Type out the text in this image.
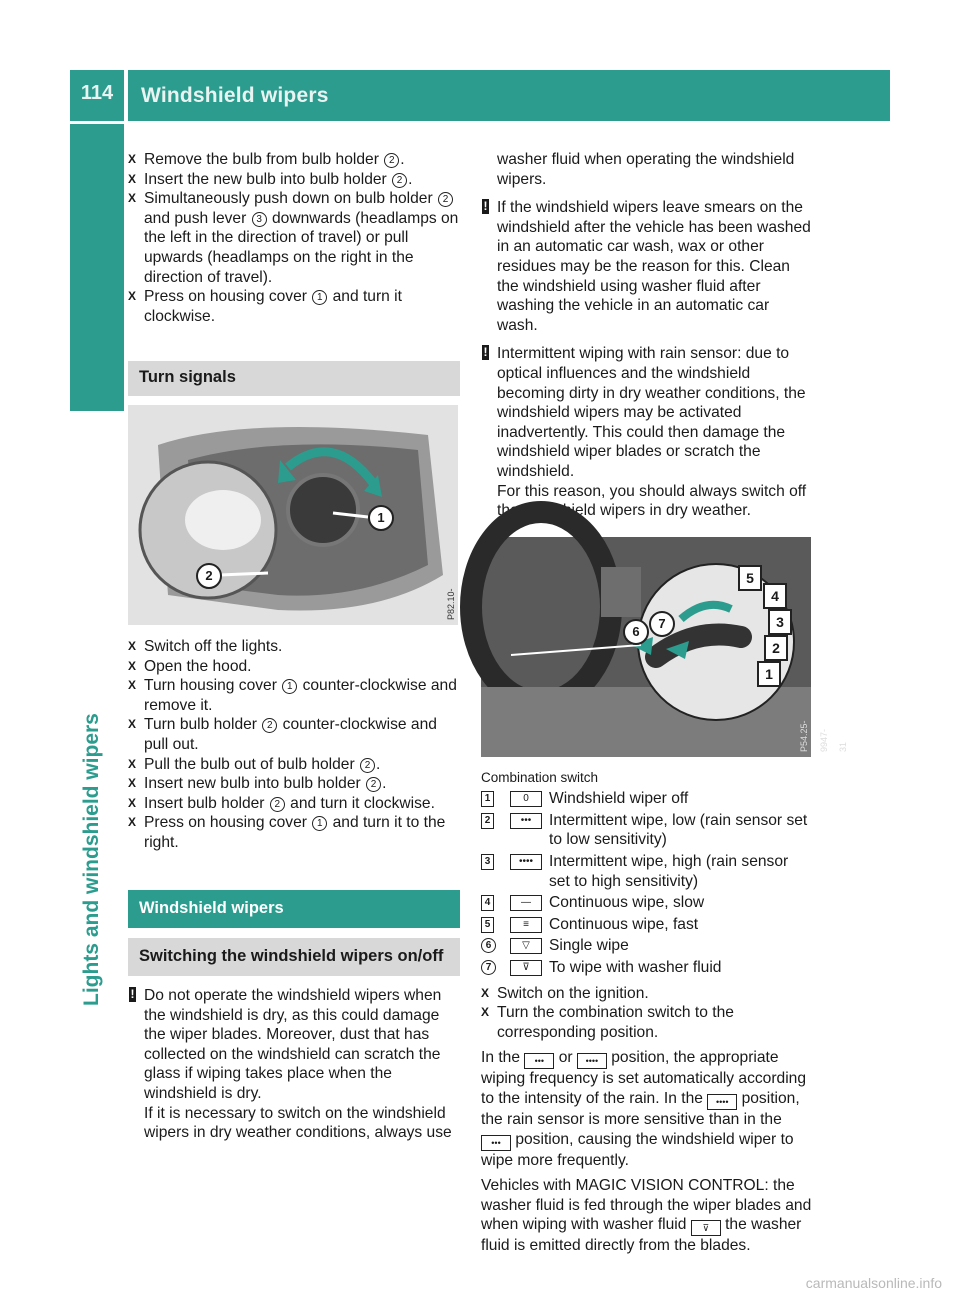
114	Windshield wipers
Lights and windshield wipers
X Remove the bulb from bulb holder 2 .
X Insert the new bulb into bulb holder 2 .
X Simultaneously push down on bulb holder 2 and push lever 3 downwards (headlamps on the left in the direction of travel) or pull upwards (headlamps on the right in the direction of travel).
X Press on housing cover 1 and turn it clockwise.
Turn signals
1
2
P82.10-7495-
X Switch off the lights.
X Open the hood.
X Turn housing cover 1 counter-clockwise and remove it.
X Turn bulb holder 2 counter-clockwise and pull out.
X Pull the bulb out of bulb holder 2 .
X Insert new bulb into bulb holder 2 .
X Insert bulb holder 2 and turn it clockwise.
X Press on housing cover 1 and turn it to the right.
Windshield wipers
Switching the windshield wipers on/off
! Do not operate the windshield wipers when the windshield is dry, as this could damage the wiper blades. Moreover, dust that has collected on the windshield can scratch the glass if wiping takes place when the windshield is dry.

If it is necessary to switch on the windshield wipers in dry weather conditions, always use

washer fluid when operating the windshield wipers.
! If the windshield wipers leave smears on the windshield after the vehicle has been washed in an automatic car wash, wax or other residues may be the reason for this. Clean the windshield using washer fluid after washing the vehicle in an automatic car wash.

! Intermittent wiping with rain sensor: due to optical influences and the windshield becoming dirty in dry weather conditions, the windshield wipers may be activated inadvertently. This could then damage the windshield wiper blades or scratch the windshield.

For this reason, you should always switch off the windshield wipers in dry weather.

5
4
3
2
1
6
7
P54.25-9947-31
Combination switch
1	0	Windshield wiper off
2	•••	Intermittent wipe, low (rain sensor set to low sensitivity)
3	••••	Intermittent wipe, high (rain sensor set to high sensitivity)
4	—	Continuous wipe, slow
5	≡	Continuous wipe, fast
6	▽	Single wipe
7	⊽	To wipe with washer fluid
X Switch on the ignition.
X Turn the combination switch to the corresponding position.

In the ••• or •••• position, the appropriate wiping frequency is set automatically according to the intensity of the rain. In the •••• position, the rain sensor is more sensitive than in the ••• position, causing the windshield wiper to wipe more frequently.

Vehicles with MAGIC VISION CONTROL: the washer fluid is fed through the wiper blades and when wiping with washer fluid ⊽ the washer fluid is emitted directly from the blades.

carmanualsonline.info
